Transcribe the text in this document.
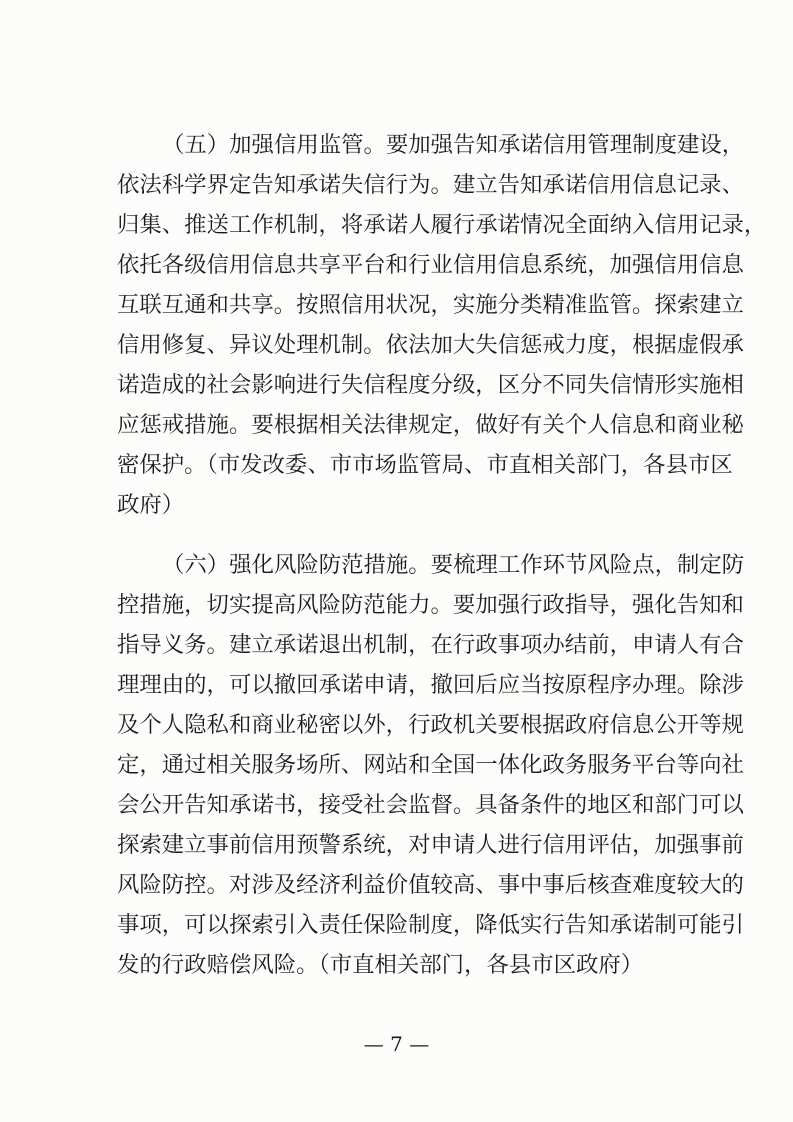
（五）加强信用监管。要加强告知承诺信用管理制度建设，
依法科学界定告知承诺失信行为。建立告知承诺信用信息记录、
归集、推送工作机制，将承诺人履行承诺情况全面纳入信用记录，
依托各级信用信息共享平台和行业信用信息系统，加强信用信息
互联互通和共享。按照信用状况，实施分类精准监管。探索建立
信用修复、异议处理机制。依法加大失信惩戒力度，根据虚假承
诺造成的社会影响进行失信程度分级，区分不同失信情形实施相
应惩戒措施。要根据相关法律规定，做好有关个人信息和商业秘
密保护。（市发改委、市市场监管局、市直相关部门，各县市区
政府）
（六）强化风险防范措施。要梳理工作环节风险点，制定防
控措施，切实提高风险防范能力。要加强行政指导，强化告知和
指导义务。建立承诺退出机制，在行政事项办结前，申请人有合
理理由的，可以撤回承诺申请，撤回后应当按原程序办理。除涉
及个人隐私和商业秘密以外，行政机关要根据政府信息公开等规
定，通过相关服务场所、网站和全国一体化政务服务平台等向社
会公开告知承诺书，接受社会监督。具备条件的地区和部门可以
探索建立事前信用预警系统，对申请人进行信用评估，加强事前
风险防控。对涉及经济利益价值较高、事中事后核查难度较大的
事项，可以探索引入责任保险制度，降低实行告知承诺制可能引
发的行政赔偿风险。（市直相关部门，各县市区政府）
— 7 —
